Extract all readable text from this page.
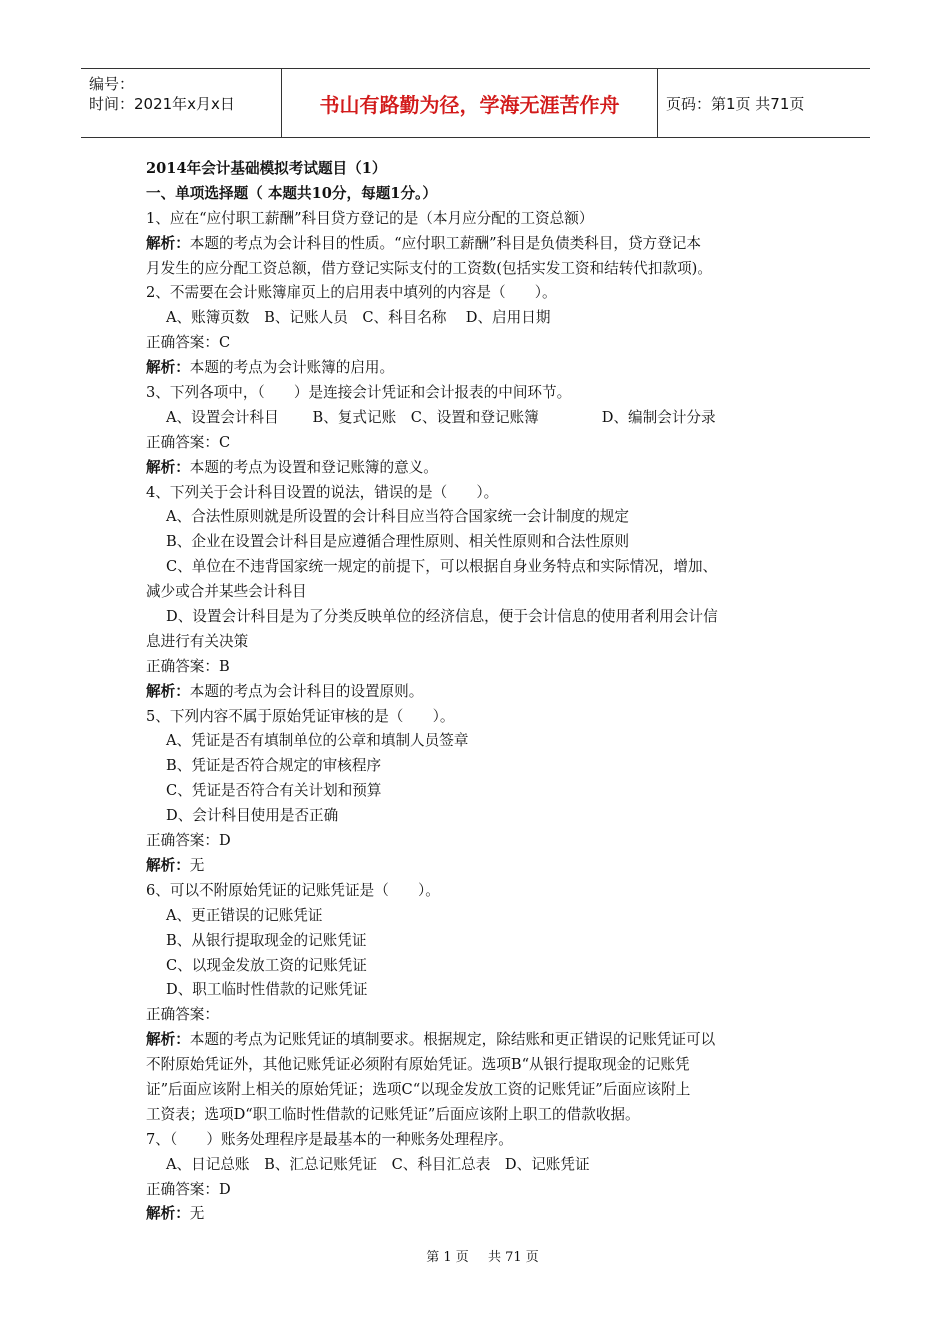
编号：
时间：2021年x月x日	书山有路勤为径，学海无涯苦作舟	页码：第1页 共71页
2014年会计基础模拟考试题目（1）
一、单项选择题（ 本题共10分，每题1分。）
1、应在“应付职工薪酬”科目贷方登记的是（本月应分配的工资总额）
解析：本题的考点为会计科目的性质。“应付职工薪酬”科目是负债类科目，贷方登记本
月发生的应分配工资总额，借方登记实际支付的工资数(包括实发工资和结转代扣款项)。
2、不需要在会计账簿扉页上的启用表中填列的内容是（　　）。
A、账簿页数　B、记账人员　C、科目名称　 D、启用日期
正确答案：C
解析：本题的考点为会计账簿的启用。
3、下列各项中，（　　）是连接会计凭证和会计报表的中间环节。
A、设置会计科目　　 B、复式记账　C、设置和登记账簿　　　　 D、编制会计分录
正确答案：C
解析：本题的考点为设置和登记账簿的意义。
4、下列关于会计科目设置的说法，错误的是（　　）。
A、合法性原则就是所设置的会计科目应当符合国家统一会计制度的规定
B、企业在设置会计科目是应遵循合理性原则、相关性原则和合法性原则
C、单位在不违背国家统一规定的前提下，可以根据自身业务特点和实际情况，增加、
减少或合并某些会计科目
D、设置会计科目是为了分类反映单位的经济信息，便于会计信息的使用者利用会计信
息进行有关决策
正确答案：B
解析：本题的考点为会计科目的设置原则。
5、下列内容不属于原始凭证审核的是（　　）。
A、凭证是否有填制单位的公章和填制人员签章
B、凭证是否符合规定的审核程序
C、凭证是否符合有关计划和预算
D、会计科目使用是否正确
正确答案：D
解析：无
6、可以不附原始凭证的记账凭证是（　　）。
A、更正错误的记账凭证
B、从银行提取现金的记账凭证
C、以现金发放工资的记账凭证
D、职工临时性借款的记账凭证
正确答案：
解析：本题的考点为记账凭证的填制要求。根据规定，除结账和更正错误的记账凭证可以
不附原始凭证外，其他记账凭证必须附有原始凭证。选项B“从银行提取现金的记账凭
证”后面应该附上相关的原始凭证；选项C“以现金发放工资的记账凭证”后面应该附上
工资表；选项D“职工临时性借款的记账凭证”后面应该附上职工的借款收据。
7、（　　）账务处理程序是最基本的一种账务处理程序。
A、日记总账　B、汇总记账凭证　C、科目汇总表　D、记账凭证
正确答案：D
解析：无
第 1 页 共 71 页
